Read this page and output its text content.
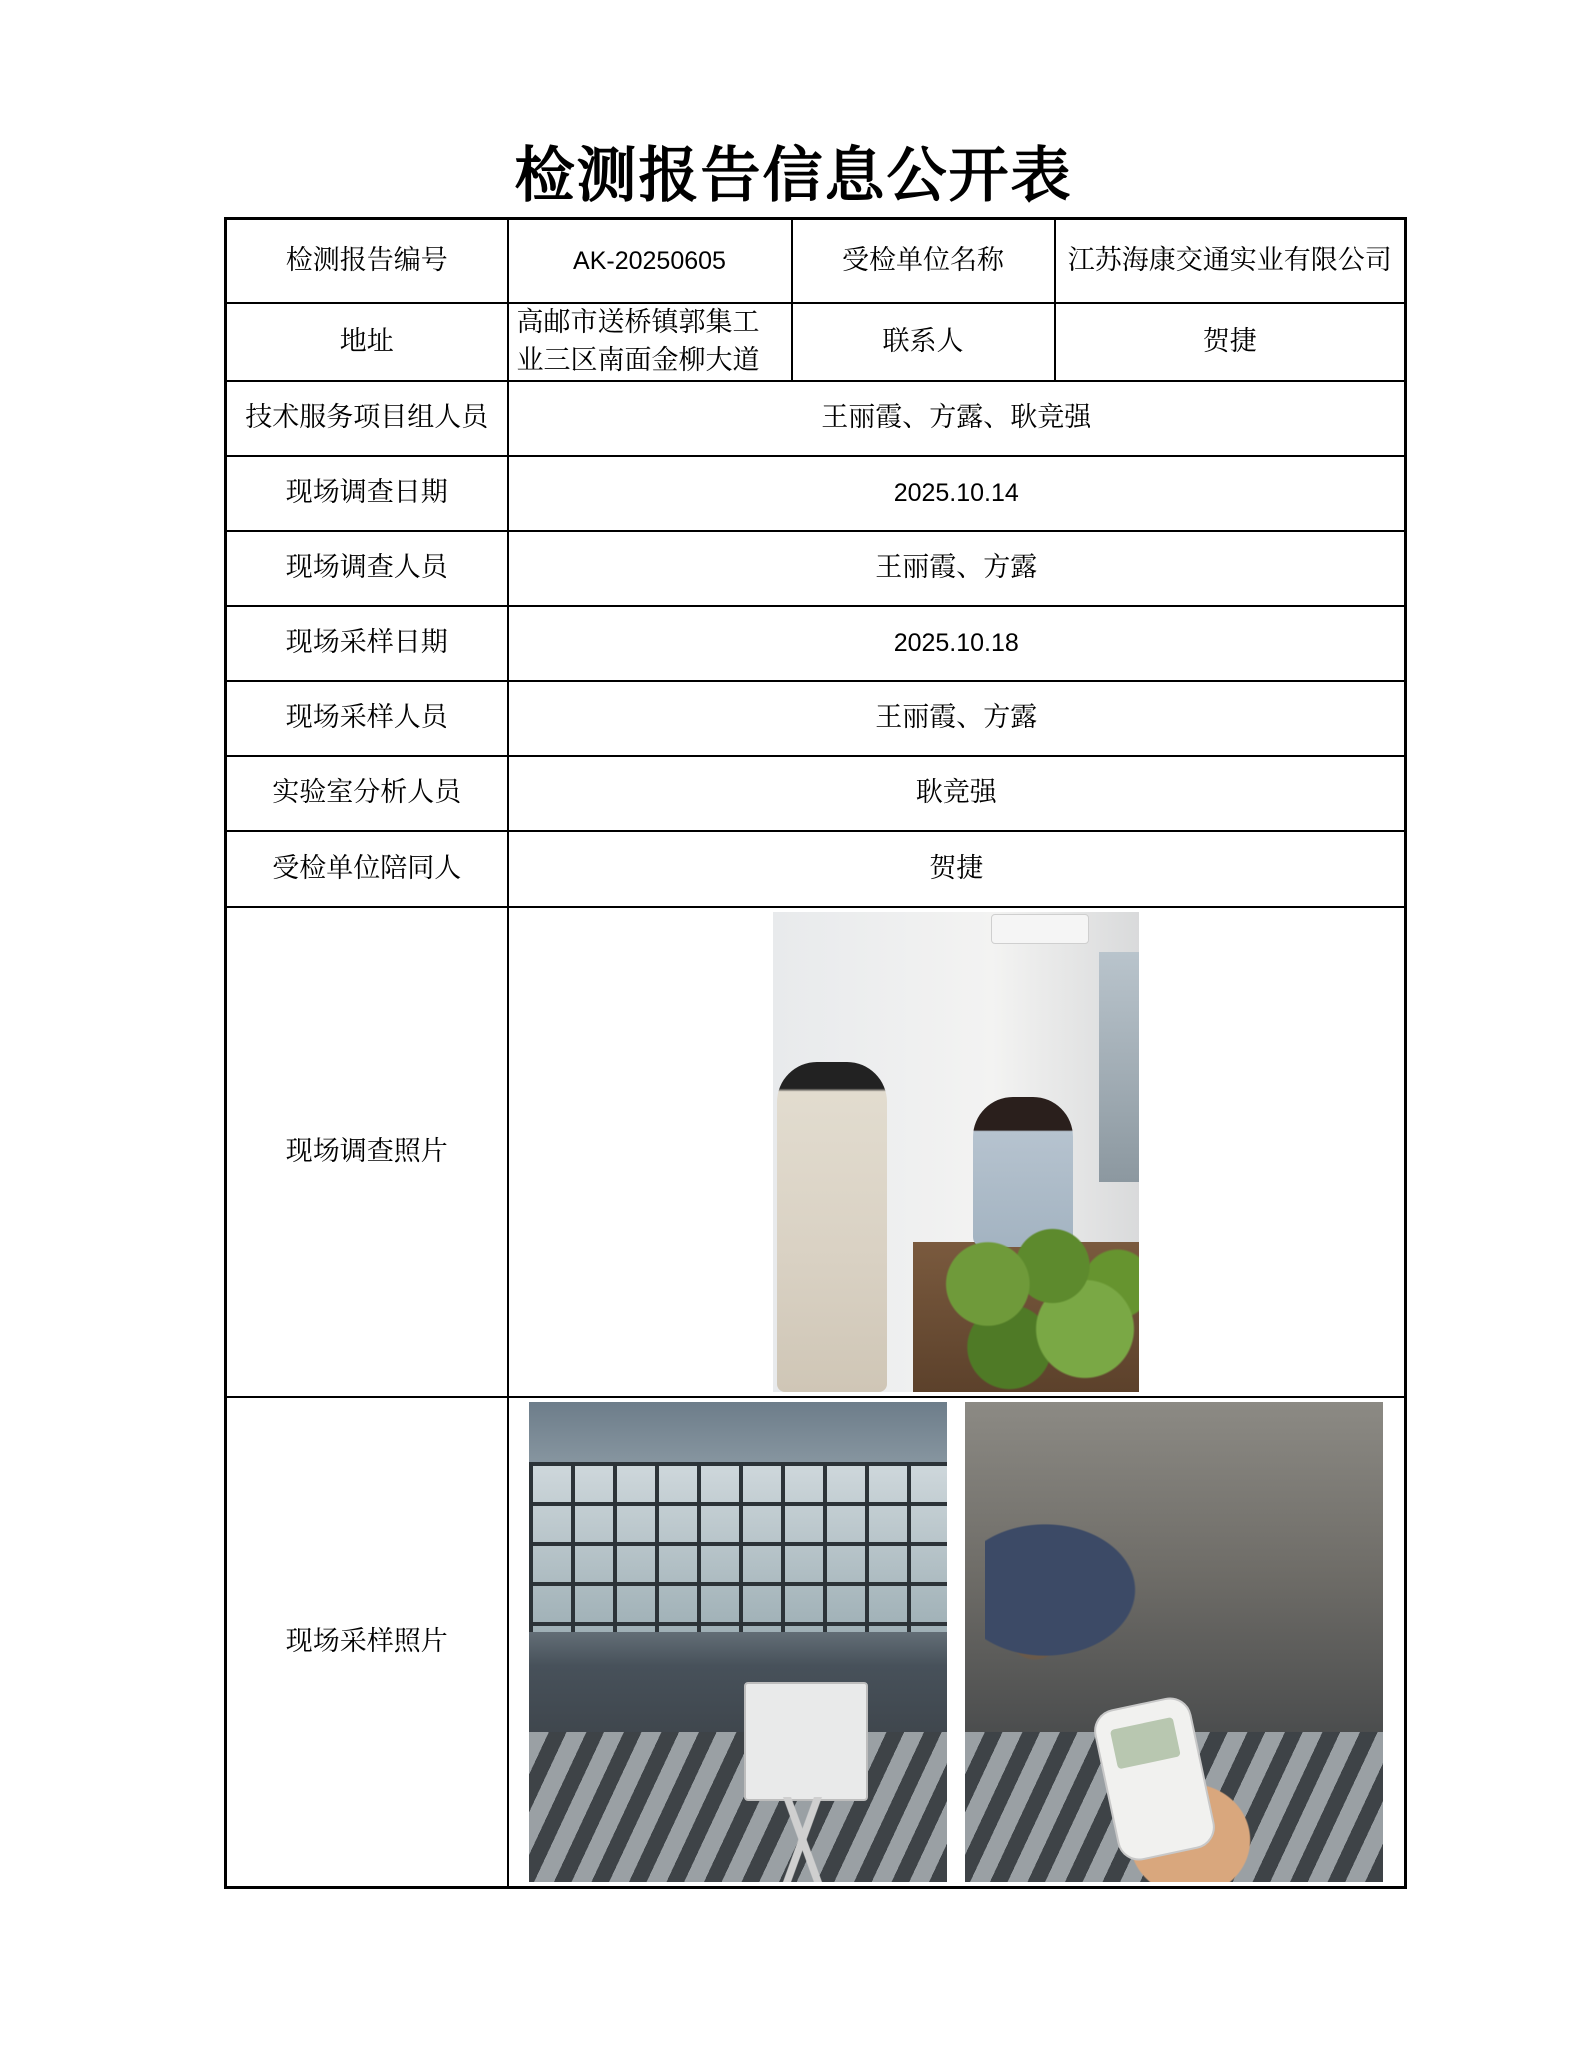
检测报告信息公开表
检测报告编号	AK-20250605	受检单位名称	江苏海康交通实业有限公司
地址	高邮市送桥镇郭集工业三区南面金柳大道	联系人	贺捷
技术服务项目组人员	王丽霞、方露、耿竞强		
现场调查日期	2025.10.14		
现场调查人员	王丽霞、方露		
现场采样日期	2025.10.18		
现场采样人员	王丽霞、方露		
实验室分析人员	耿竞强		
受检单位陪同人	贺捷		
现场调查照片			

现场采样照片			
